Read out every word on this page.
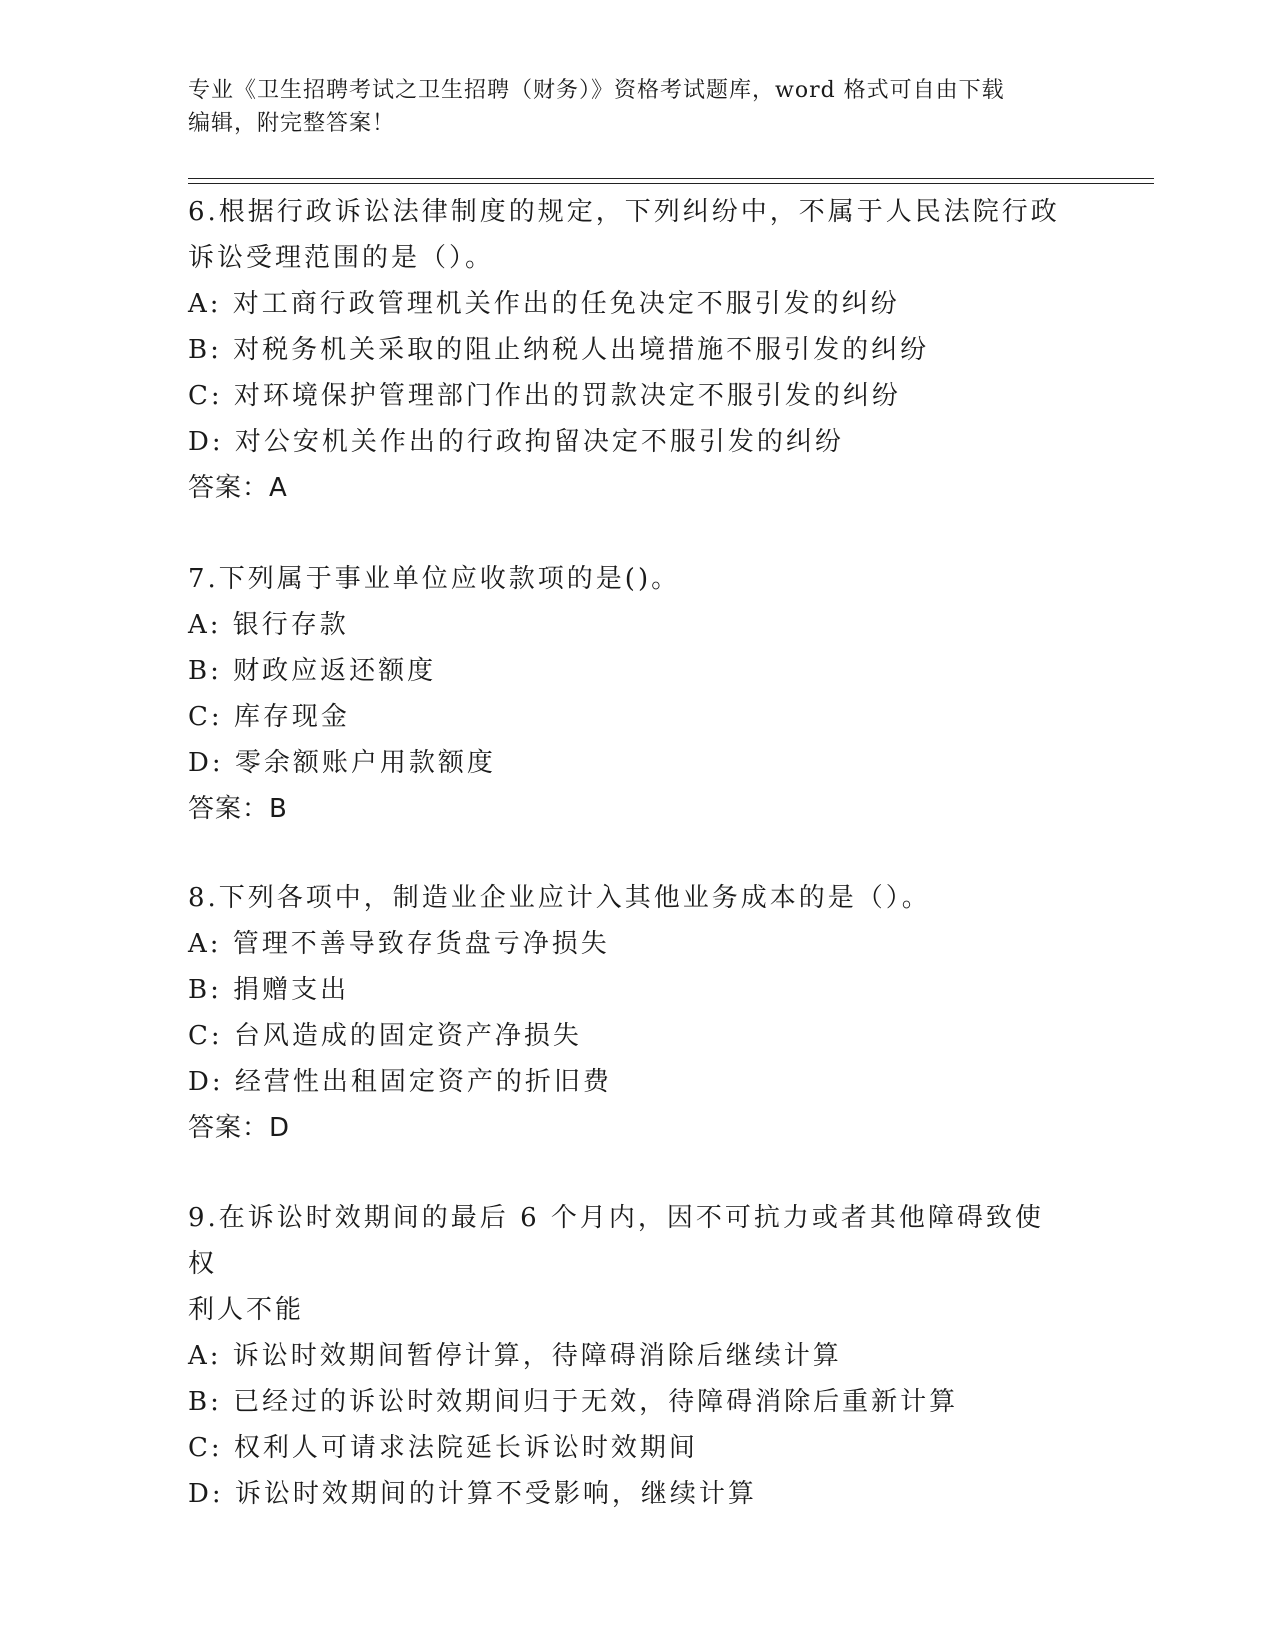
专业《卫生招聘考试之卫生招聘（财务）》资格考试题库，word 格式可自由下载
编辑，附完整答案！

6.根据行政诉讼法律制度的规定，下列纠纷中，不属于人民法院行政

诉讼受理范围的是（）。

A: 对工商行政管理机关作出的任免决定不服引发的纠纷

B: 对税务机关采取的阻止纳税人出境措施不服引发的纠纷

C: 对环境保护管理部门作出的罚款决定不服引发的纠纷

D: 对公安机关作出的行政拘留决定不服引发的纠纷

答案：A

7.下列属于事业单位应收款项的是()。

A: 银行存款

B: 财政应返还额度

C: 库存现金

D: 零余额账户用款额度

答案：B

8.下列各项中，制造业企业应计入其他业务成本的是（）。

A: 管理不善导致存货盘亏净损失

B: 捐赠支出

C: 台风造成的固定资产净损失

D: 经营性出租固定资产的折旧费

答案：D

9.在诉讼时效期间的最后 6 个月内，因不可抗力或者其他障碍致使权

利人不能

A: 诉讼时效期间暂停计算，待障碍消除后继续计算

B: 已经过的诉讼时效期间归于无效，待障碍消除后重新计算

C: 权利人可请求法院延长诉讼时效期间

D: 诉讼时效期间的计算不受影响，继续计算
